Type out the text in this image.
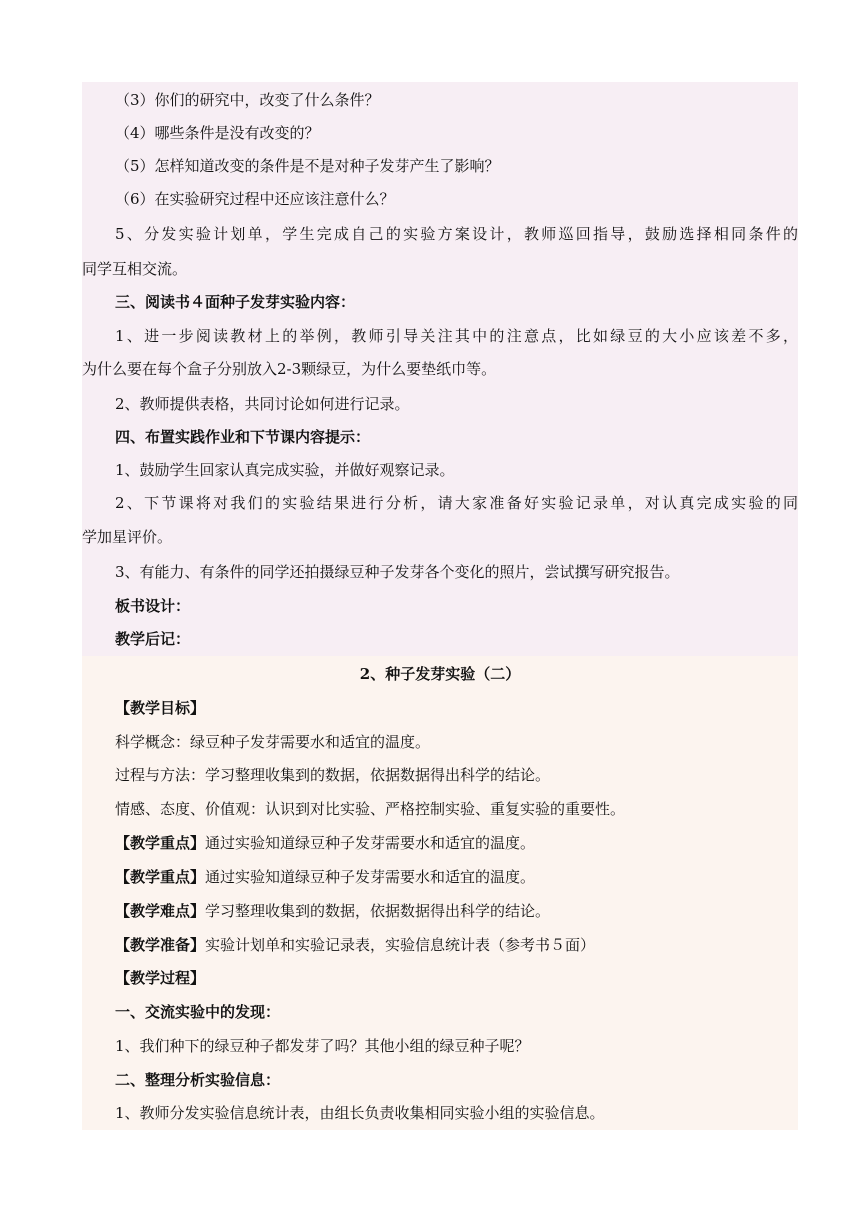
（3）你们的研究中，改变了什么条件？
（4）哪些条件是没有改变的？
（5）怎样知道改变的条件是不是对种子发芽产生了影响？
（6）在实验研究过程中还应该注意什么？
5、分发实验计划单，学生完成自己的实验方案设计，教师巡回指导，鼓励选择相同条件的
同学互相交流。
三、阅读书４面种子发芽实验内容：
1、进一步阅读教材上的举例，教师引导关注其中的注意点，比如绿豆的大小应该差不多，
为什么要在每个盒子分别放入2-3颗绿豆，为什么要垫纸巾等。
2、教师提供表格，共同讨论如何进行记录。
四、布置实践作业和下节课内容提示：
1、鼓励学生回家认真完成实验，并做好观察记录。
2、下节课将对我们的实验结果进行分析，请大家准备好实验记录单，对认真完成实验的同
学加星评价。
3、有能力、有条件的同学还拍摄绿豆种子发芽各个变化的照片，尝试撰写研究报告。
板书设计：
教学后记：
2、种子发芽实验（二）
【教学目标】
科学概念：绿豆种子发芽需要水和适宜的温度。
过程与方法：学习整理收集到的数据，依据数据得出科学的结论。
情感、态度、价值观：认识到对比实验、严格控制实验、重复实验的重要性。
【教学重点】通过实验知道绿豆种子发芽需要水和适宜的温度。
【教学重点】通过实验知道绿豆种子发芽需要水和适宜的温度。
【教学难点】学习整理收集到的数据，依据数据得出科学的结论。
【教学准备】实验计划单和实验记录表，实验信息统计表（参考书５面）
【教学过程】
一、交流实验中的发现：
1、我们种下的绿豆种子都发芽了吗？其他小组的绿豆种子呢？
二、整理分析实验信息：
1、教师分发实验信息统计表，由组长负责收集相同实验小组的实验信息。
